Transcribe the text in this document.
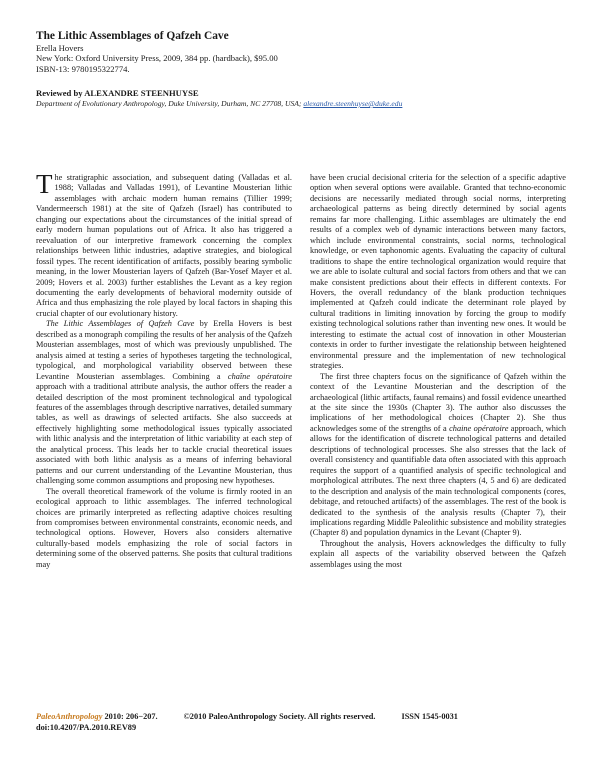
The Lithic Assemblages of Qafzeh Cave
Erella Hovers
New York: Oxford University Press, 2009, 384 pp. (hardback), $95.00
ISBN-13: 9780195322774.
Reviewed by ALEXANDRE STEENHUYSE
Department of Evolutionary Anthropology, Duke University, Durham, NC 27708, USA; alexandre.steenhuyse@duke.edu

The stratigraphic association, and subsequent dating (Valladas et al. 1988; Valladas and Valladas 1991), of Levantine Mousterian lithic assemblages with archaic modern human remains (Tillier 1999; Vandermeersch 1981) at the site of Qafzeh (Israel) has contributed to changing our expectations about the circumstances of the initial spread of early modern human populations out of Africa. It also has triggered a reevaluation of our interpretive framework concerning the complex relationships between lithic industries, adaptive strategies, and biological fossil types. The recent identification of artifacts, possibly bearing symbolic meaning, in the lower Mousterian layers of Qafzeh (Bar-Yosef Mayer et al. 2009; Hovers et al. 2003) further establishes the Levant as a key region documenting the early developments of behavioral modernity outside of Africa and thus emphasizing the role played by local factors in shaping this crucial chapter of our evolutionary history.

The Lithic Assemblages of Qafzeh Cave by Erella Hovers is best described as a monograph compiling the results of her analysis of the Qafzeh Mousterian assemblages, most of which was previously unpublished. The analysis aimed at testing a series of hypotheses targeting the technological, typological, and morphological variability observed between these Levantine Mousterian assemblages. Combining a chaîne opératoire approach with a traditional attribute analysis, the author offers the reader a detailed description of the most prominent technological and typological features of the assemblages through descriptive narratives, detailed summary tables, as well as drawings of selected artifacts. She also succeeds at effectively highlighting some methodological issues typically associated with lithic analysis and the interpretation of lithic variability at each step of the analytical process. This leads her to tackle crucial theoretical issues associated with both lithic analysis as a means of inferring behavioral patterns and our current understanding of the Levantine Mousterian, thus challenging some common assumptions and proposing new hypotheses.

The overall theoretical framework of the volume is firmly rooted in an ecological approach to lithic assemblages. The inferred technological choices are primarily interpreted as reflecting adaptive choices resulting from compromises between environmental constraints, economic needs, and technological options. However, Hovers also considers alternative culturally-based models emphasizing the role of social factors in determining some of the observed patterns. She posits that cultural traditions may

have been crucial decisional criteria for the selection of a specific adaptive option when several options were available. Granted that techno-economic decisions are necessarily mediated through social norms, interpreting archaeological patterns as being directly determined by social agents remains far more challenging. Lithic assemblages are ultimately the end results of a complex web of dynamic interactions between many factors, which include environmental constraints, social norms, technological knowledge, or even taphonomic agents. Evaluating the capacity of cultural traditions to shape the entire technological organization would require that we are able to isolate cultural and social factors from others and that we can make consistent predictions about their effects in different contexts. For Hovers, the overall redundancy of the blank production techniques implemented at Qafzeh could indicate the determinant role played by cultural traditions in limiting innovation by forcing the group to modify existing technological solutions rather than inventing new ones. It would be interesting to estimate the actual cost of innovation in other Mousterian contexts in order to further investigate the relationship between heightened environmental pressure and the implementation of new technological strategies.

The first three chapters focus on the significance of Qafzeh within the context of the Levantine Mousterian and the description of the archaeological (lithic artifacts, faunal remains) and fossil evidence unearthed at the site since the 1930s (Chapter 3). The author also discusses the implications of her methodological choices (Chapter 2). She thus acknowledges some of the strengths of a chaine opératoire approach, which allows for the identification of discrete technological patterns and detailed descriptions of technological processes. She also stresses that the lack of overall consistency and quantifiable data often associated with this approach requires the support of a quantified analysis of specific technological and morphological attributes. The next three chapters (4, 5 and 6) are dedicated to the description and analysis of the main technological components (cores, debitage, and retouched artifacts) of the assemblages. The rest of the book is dedicated to the synthesis of the analysis results (Chapter 7), their implications regarding Middle Paleolithic subsistence and mobility strategies (Chapter 8) and population dynamics in the Levant (Chapter 9).

Throughout the analysis, Hovers acknowledges the difficulty to fully explain all aspects of the variability observed between the Qafzeh assemblages using the most

PaleoAnthropology 2010: 206−207.	©2010 PaleoAnthropology Society. All rights reserved.	ISSN 1545-0031
doi:10.4207/PA.2010.REV89
